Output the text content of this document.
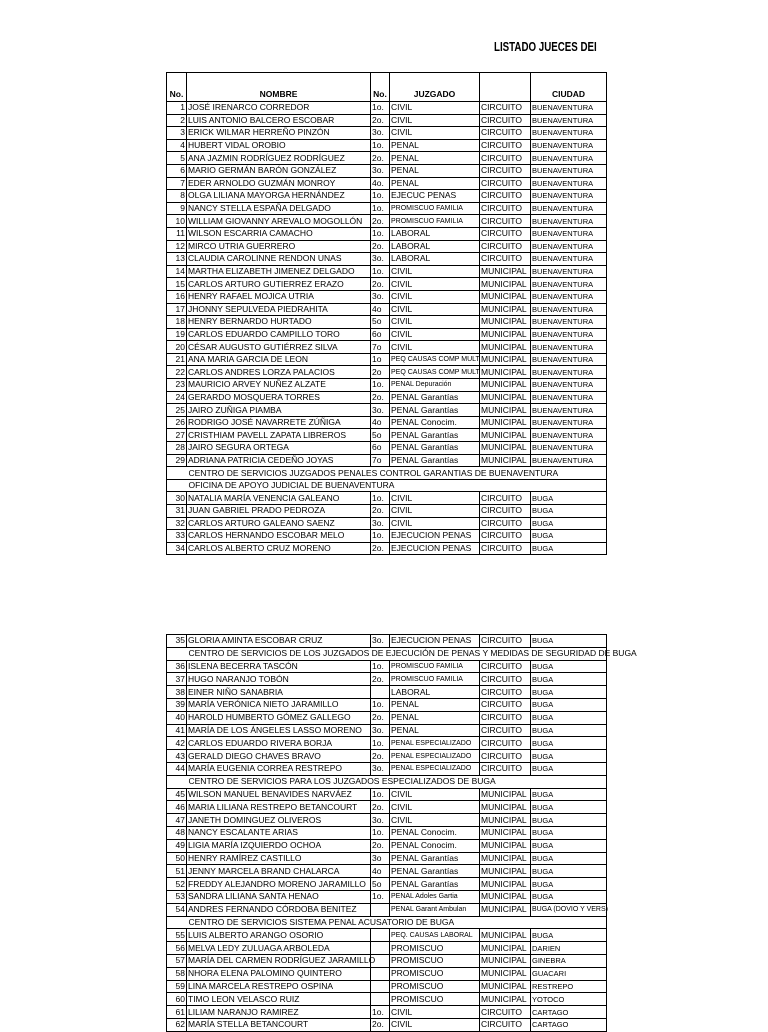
LISTADO JUECES DEI
No.	NOMBRE	No.	JUZGADO		CIUDAD
1	JOSÉ IRENARCO CORREDOR	1o.	CIVIL	CIRCUITO	BUENAVENTURA
2	LUIS ANTONIO BALCERO ESCOBAR	2o.	CIVIL	CIRCUITO	BUENAVENTURA
3	ERICK WILMAR HERREÑO PINZÓN	3o.	CIVIL	CIRCUITO	BUENAVENTURA
4	HUBERT VIDAL OROBIO	1o.	PENAL	CIRCUITO	BUENAVENTURA
5	ANA JAZMIN RODRÍGUEZ RODRÍGUEZ	2o.	PENAL	CIRCUITO	BUENAVENTURA
6	MARIO GERMÁN BARÓN GONZÁLEZ	3o.	PENAL	CIRCUITO	BUENAVENTURA
7	EDER ARNOLDO GUZMÁN MONROY	4o.	PENAL	CIRCUITO	BUENAVENTURA
8	OLGA LILIANA MAYORGA HERNÁNDEZ	1o.	EJECUC PENAS	CIRCUITO	BUENAVENTURA
9	NANCY STELLA ESPAÑA DELGADO	1o.	PROMISCUO FAMILIA	CIRCUITO	BUENAVENTURA
10	WILLIAM GIOVANNY AREVALO MOGOLLÓN	2o.	PROMISCUO FAMILIA	CIRCUITO	BUENAVENTURA
11	WILSON ESCARRIA CAMACHO	1o.	LABORAL	CIRCUITO	BUENAVENTURA
12	MIRCO UTRIA GUERRERO	2o.	LABORAL	CIRCUITO	BUENAVENTURA
13	CLAUDIA CAROLINNE RENDON UNAS	3o.	LABORAL	CIRCUITO	BUENAVENTURA
14	MARTHA ELIZABETH JIMENEZ DELGADO	1o.	CIVIL	MUNICIPAL	BUENAVENTURA
15	CARLOS ARTURO GUTIERREZ ERAZO	2o.	CIVIL	MUNICIPAL	BUENAVENTURA
16	HENRY RAFAEL MOJICA UTRIA	3o.	CIVIL	MUNICIPAL	BUENAVENTURA
17	JHONNY SEPULVEDA PIEDRAHITA	4o	CIVIL	MUNICIPAL	BUENAVENTURA
18	HENRY BERNARDO HURTADO	5o	CIVIL	MUNICIPAL	BUENAVENTURA
19	CARLOS EDUARDO CAMPILLO TORO	6o	CIVIL	MUNICIPAL	BUENAVENTURA
20	CÉSAR AUGUSTO GUTIÉRREZ SILVA	7o	CIVIL	MUNICIPAL	BUENAVENTURA
21	ANA MARIA GARCIA DE LEON	1o	PEQ CAUSAS COMP MULT	MUNICIPAL	BUENAVENTURA
22	CARLOS ANDRES LORZA PALACIOS	2o	PEQ CAUSAS COMP MULT	MUNICIPAL	BUENAVENTURA
23	MAURICIO ARVEY NUÑEZ ALZATE	1o.	PENAL Depuración	MUNICIPAL	BUENAVENTURA
24	GERARDO MOSQUERA TORRES	2o.	PENAL Garantías	MUNICIPAL	BUENAVENTURA
25	JAIRO ZUÑIGA PIAMBA	3o.	PENAL Garantías	MUNICIPAL	BUENAVENTURA
26	RODRIGO JOSÉ NAVARRETE ZÚÑIGA	4o	PENAL Conocim.	MUNICIPAL	BUENAVENTURA
27	CRISTHIAM PAVELL ZAPATA LIBREROS	5o	PENAL Garantías	MUNICIPAL	BUENAVENTURA
28	JAIRO SEGURA ORTEGA	6o	PENAL Garantías	MUNICIPAL	BUENAVENTURA
29	ADRIANA PATRICIA CEDEÑO JOYAS	7o	PENAL Garantías	MUNICIPAL	BUENAVENTURA
	CENTRO DE SERVICIOS JUZGADOS PENALES CONTROL GARANTIAS DE BUENAVENTURA				
	OFICINA DE APOYO JUDICIAL DE BUENAVENTURA				
30	NATALIA MARÍA VENENCIA GALEANO	1o.	CIVIL	CIRCUITO	BUGA
31	JUAN GABRIEL PRADO PEDROZA	2o.	CIVIL	CIRCUITO	BUGA
32	CARLOS ARTURO GALEANO SAENZ	3o.	CIVIL	CIRCUITO	BUGA
33	CARLOS HERNANDO ESCOBAR MELO	1o.	EJECUCION PENAS	CIRCUITO	BUGA
34	CARLOS ALBERTO CRUZ MORENO	2o.	EJECUCION PENAS	CIRCUITO	BUGA
35	GLORIA AMINTA ESCOBAR CRUZ	3o.	EJECUCION PENAS	CIRCUITO	BUGA
	CENTRO DE SERVICIOS DE LOS JUZGADOS DE EJECUCIÓN DE PENAS Y MEDIDAS DE SEGURIDAD DE BUGA				
36	ISLENA BECERRA TASCÓN	1o.	PROMISCUO FAMILIA	CIRCUITO	BUGA
37	HUGO NARANJO TOBÓN	2o.	PROMISCUO FAMILIA	CIRCUITO	BUGA
38	EINER NIÑO SANABRIA		LABORAL	CIRCUITO	BUGA
39	MARÍA VERÓNICA NIETO JARAMILLO	1o.	PENAL	CIRCUITO	BUGA
40	HAROLD HUMBERTO GÓMEZ GALLEGO	2o.	PENAL	CIRCUITO	BUGA
41	MARÍA DE LOS ÁNGELES LASSO MORENO	3o.	PENAL	CIRCUITO	BUGA
42	CARLOS EDUARDO RIVERA BORJA	1o.	PENAL ESPECIALIZADO	CIRCUITO	BUGA
43	GERALD DIEGO CHAVES BRAVO	2o.	PENAL ESPECIALIZADO	CIRCUITO	BUGA
44	MARÍA EUGENIA CORREA RESTREPO	3o.	PENAL ESPECIALIZADO	CIRCUITO	BUGA
	CENTRO DE SERVICIOS PARA LOS JUZGADOS ESPECIALIZADOS DE BUGA				
45	WILSON MANUEL BENAVIDES NARVÁEZ	1o.	CIVIL	MUNICIPAL	BUGA
46	MARIA LILIANA RESTREPO BETANCOURT	2o.	CIVIL	MUNICIPAL	BUGA
47	JANETH DOMINGUEZ OLIVEROS	3o.	CIVIL	MUNICIPAL	BUGA
48	NANCY ESCALANTE ARIAS	1o.	PENAL Conocim.	MUNICIPAL	BUGA
49	LIGIA MARÍA IZQUIERDO OCHOA	2o.	PENAL Conocim.	MUNICIPAL	BUGA
50	HENRY RAMÍREZ CASTILLO	3o	PENAL Garantías	MUNICIPAL	BUGA
51	JENNY MARCELA BRAND CHALARCA	4o	PENAL Garantías	MUNICIPAL	BUGA
52	FREDDY ALEJANDRO MORENO JARAMILLO	5o	PENAL Garantías	MUNICIPAL	BUGA
53	SANDRA LILIANA SANTA HENAO	1o.	PENAL Adoles Gartia	MUNICIPAL	BUGA
54	ANDRES FERNANDO CÓRDOBA BENITEZ		PENAL Garant Ambulan	MUNICIPAL	BUGA (DOVIO Y VERS)
	CENTRO DE SERVICIOS SISTEMA PENAL ACUSATORIO DE BUGA				
55	LUIS ALBERTO ARANGO OSORIO		PEQ. CAUSAS LABORAL	MUNICIPAL	BUGA
56	MELVA LEDY ZULUAGA ARBOLEDA		PROMISCUO	MUNICIPAL	DARIEN
57	MARÍA DEL CARMEN RODRÍGUEZ JARAMILLO		PROMISCUO	MUNICIPAL	GINEBRA
58	NHORA ELENA PALOMINO QUINTERO		PROMISCUO	MUNICIPAL	GUACARI
59	LINA MARCELA RESTREPO OSPINA		PROMISCUO	MUNICIPAL	RESTREPO
60	TIMO LEON VELASCO RUIZ		PROMISCUO	MUNICIPAL	YOTOCO
61	LILIAM NARANJO RAMIREZ	1o.	CIVIL	CIRCUITO	CARTAGO
62	MARÍA STELLA BETANCOURT	2o.	CIVIL	CIRCUITO	CARTAGO
